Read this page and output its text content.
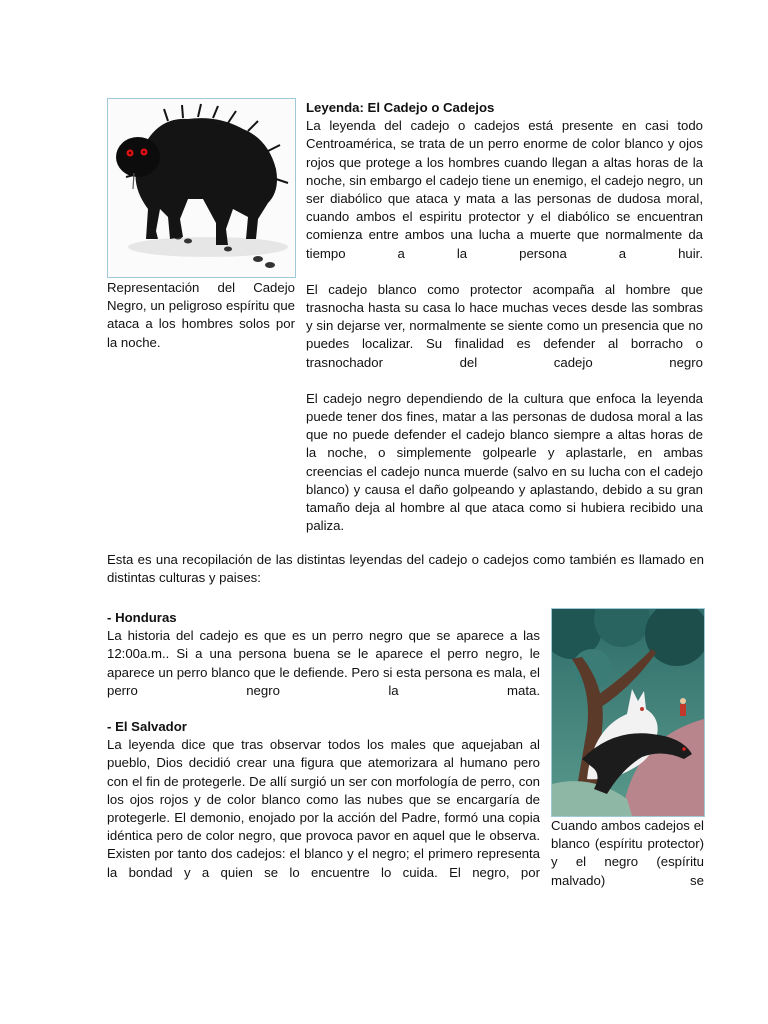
Representación del Cadejo Negro, un peligroso espíritu que ataca a los hombres solos por la noche.

Leyenda: El Cadejo o Cadejos

La leyenda del cadejo o cadejos está presente en casi todo Centroamérica, se trata de un perro enorme de color blanco y ojos rojos que protege a los hombres cuando llegan a altas horas de la noche, sin embargo el cadejo tiene un enemigo, el cadejo negro, un ser diabólico que ataca y mata a las personas de dudosa moral, cuando ambos el espiritu protector y el diabólico se encuentran comienza entre ambos una lucha a muerte que normalmente da tiempo a la persona a huir.

El cadejo blanco como protector acompaña al hombre que trasnocha hasta su casa lo hace muchas veces desde las sombras y sin dejarse ver, normalmente se siente como un presencia que no puedes localizar. Su finalidad es defender al borracho o trasnochador del cadejo negro

El cadejo negro dependiendo de la cultura que enfoca la leyenda puede tener dos fines, matar a las personas de dudosa moral a las que no puede defender el cadejo blanco siempre a altas horas de la noche, o simplemente golpearle y aplastarle, en ambas creencias el cadejo nunca muerde (salvo en su lucha con el cadejo blanco) y causa el daño golpeando y aplastando, debido a su gran tamaño deja al hombre al que ataca como si hubiera recibido una paliza.

Esta es una recopilación de las distintas leyendas del cadejo o cadejos como también es llamado en distintas culturas y paises:

- Honduras

La historia del cadejo es que es un perro negro que se aparece a las 12:00a.m.. Si a una persona buena se le aparece el perro negro, le aparece un perro blanco que le defiende. Pero si esta persona es mala, el perro negro la mata.

- El Salvador

La leyenda dice que tras observar todos los males que aquejaban al pueblo, Dios decidió crear una figura que atemorizara al humano pero con el fin de protegerle. De allí surgió un ser con morfología de perro, con los ojos rojos y de color blanco como las nubes que se encargaría de protegerle. El demonio, enojado por la acción del Padre, formó una copia idéntica pero de color negro, que provoca pavor en aquel que le observa. Existen por tanto dos cadejos: el blanco y el negro; el primero representa la bondad y a quien se lo encuentre lo cuida. El negro, por

Cuando ambos cadejos el blanco (espíritu protector) y el negro (espíritu malvado) se
